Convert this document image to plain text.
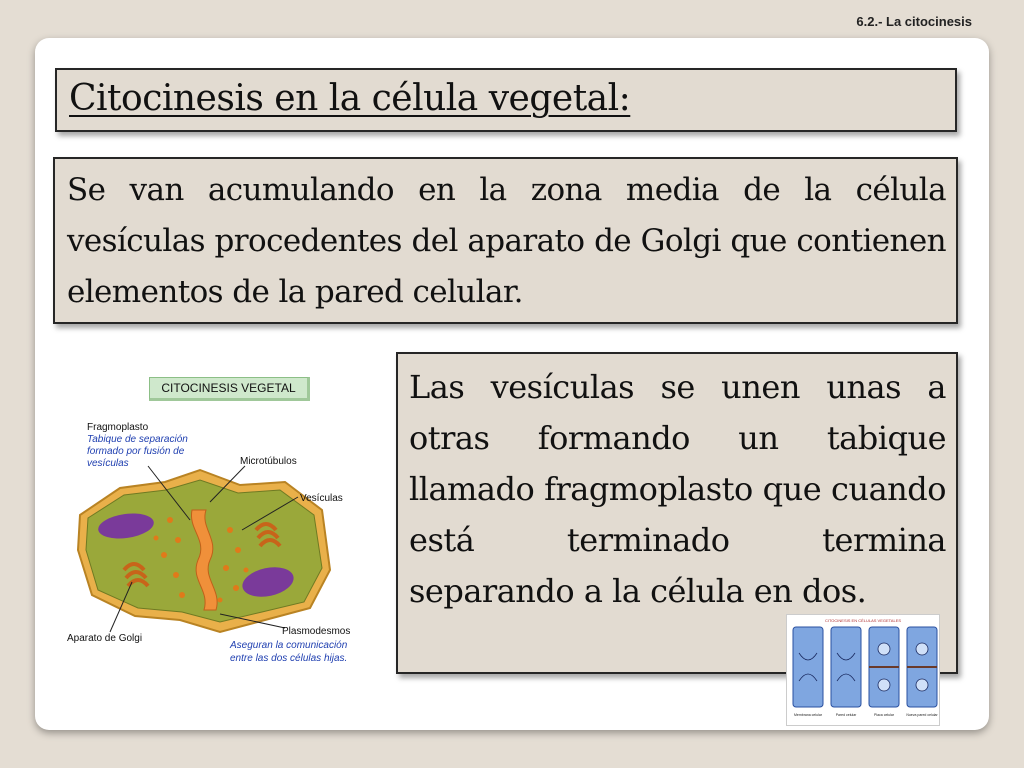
6.2.- La citocinesis
Citocinesis en la célula vegetal:
Se van acumulando en la zona media de la célula vesículas procedentes del aparato de Golgi que contienen elementos de la pared celular.
Las vesículas se unen unas a otras formando un tabique llamado fragmoplasto que cuando está terminado termina separando a la célula en dos.
CITOCINESIS VEGETAL
Fragmoplasto
Tabique de separación
formado por fusión de
vesículas	Microtúbulos
Vesículas
Aparato de Golgi
Plasmodesmos
Aseguran la comunicación
entre las dos células hijas.
CITOCINESIS EN CÉLULAS VEGETALES
Membrana celular	Pared celular	Placa celular	Nueva pared celular
